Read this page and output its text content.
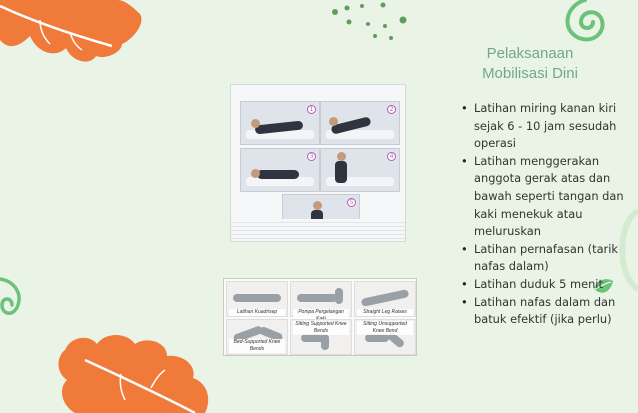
Pelaksanaan Mobilisasi Dini
• Latihan miring kanan kiri sejak 6 - 10 jam sesudah operasi
• Latihan menggerakan anggota gerak atas dan bawah seperti tangan dan kaki menekuk atau meluruskan
• Latihan pernafasan (tarik nafas dalam)
• Latihan duduk 5 menit
• Latihan nafas dalam dan batuk efektif (jika perlu)
1	2
3	4
5
Latihan Kuadrisep	Pompa Pergelangan	Straight Leg Raises
Bed-Supported Knee Bends
Sitting Supported Knee Bends
Sitting Unsupported Knee Bend
